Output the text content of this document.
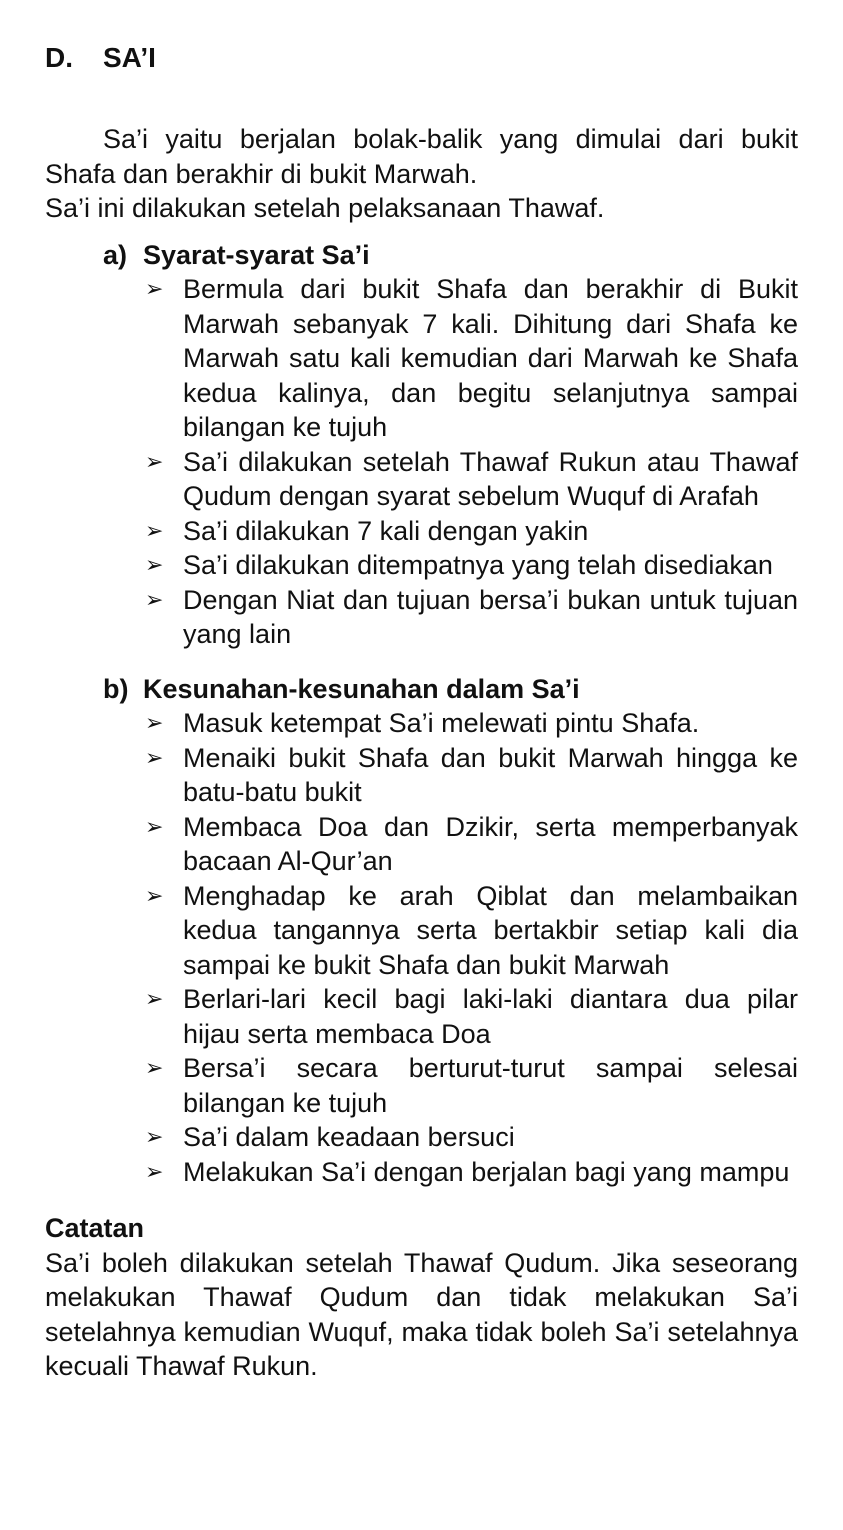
D.	SA’I

Sa’i yaitu berjalan bolak-balik yang dimulai dari bukit Shafa dan berakhir di bukit Marwah.

Sa’i ini dilakukan setelah pelaksanaan Thawaf.

a) Syarat-syarat Sa’i
➢ Bermula dari bukit Shafa dan berakhir di Bukit Marwah sebanyak 7 kali. Dihitung dari Shafa ke Marwah satu kali kemudian dari Marwah ke Shafa kedua kalinya, dan begitu selanjutnya sampai bilangan ke tujuh
➢ Sa’i dilakukan setelah Thawaf Rukun atau Thawaf Qudum dengan syarat sebelum Wuquf di Arafah
➢ Sa’i dilakukan 7 kali dengan yakin
➢ Sa’i dilakukan ditempatnya yang telah disediakan
➢ Dengan Niat dan tujuan bersa’i bukan untuk tujuan yang lain
b) Kesunahan-kesunahan dalam Sa’i
➢ Masuk ketempat Sa’i melewati pintu Shafa.
➢ Menaiki bukit Shafa dan bukit Marwah hingga ke batu-batu bukit
➢ Membaca Doa dan Dzikir, serta memperbanyak bacaan Al-Qur’an
➢ Menghadap ke arah Qiblat dan melambaikan kedua tangannya serta bertakbir setiap kali dia sampai ke bukit Shafa dan bukit Marwah
➢ Berlari-lari kecil bagi laki-laki diantara dua pilar hijau serta membaca Doa
➢ Bersa’i secara berturut-turut sampai selesai bilangan ke tujuh
➢ Sa’i dalam keadaan bersuci
➢ Melakukan Sa’i dengan berjalan bagi yang mampu
Catatan

Sa’i boleh dilakukan setelah Thawaf Qudum. Jika seseorang melakukan Thawaf Qudum dan tidak melakukan Sa’i setelahnya kemudian Wuquf, maka tidak boleh Sa’i setelahnya kecuali Thawaf Rukun.
